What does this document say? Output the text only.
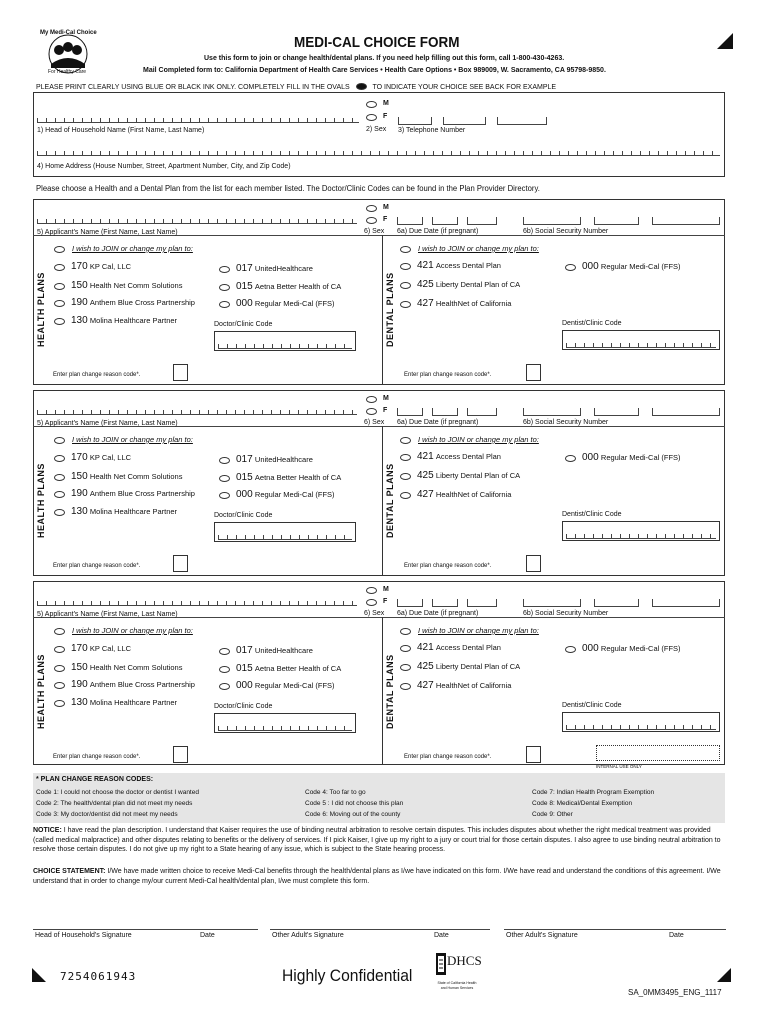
My Medi-Cal Choice
For Healthy Care
MEDI-CAL CHOICE FORM
Use this form to join or change health/dental plans. If you need help filling out this form, call 1-800-430-4263.
Mail Completed form to: California Department of Health Care Services • Health Care Options • Box 989009, W. Sacramento, CA 95798-9850.
PLEASE PRINT CLEARLY USING BLUE OR BLACK INK ONLY. COMPLETELY FILL IN THE OVALS	TO INDICATE YOUR CHOICE SEE BACK FOR EXAMPLE
1) Head of Household Name (First Name, Last Name)
M
F
2) Sex 3) Telephone Number
4) Home Address (House Number, Street, Apartment Number, City, and Zip Code)
Please choose a Health and a Dental Plan from the list for each member listed. The Doctor/Clinic Codes can be found in the Plan Provider Directory.
5) Applicant's Name (First Name, Last Name)
M
F
6) Sex 6a) Due Date (if pregnant)	6b) Social Security Number
HEALTH PLANS	DENTAL PLANS
I wish to JOIN or change my plan to:	I wish to JOIN or change my plan to:
170 KP Cal, LLC
150 Health Net Comm Solutions
190 Anthem Blue Cross Partnership
130 Molina Healthcare Partner
017 UnitedHealthcare
015 Aetna Better Health of CA
000 Regular Medi-Cal (FFS)
421 Access Dental Plan
425 Liberty Dental Plan of CA
427 HealthNet of California
000 Regular Medi-Cal (FFS)
Doctor/Clinic Code	Dentist/Clinic Code
Enter plan change reason code*.	Enter plan change reason code*.
5) Applicant's Name (First Name, Last Name)
M
F
6) Sex 6a) Due Date (if pregnant)	6b) Social Security Number
HEALTH PLANS	DENTAL PLANS
I wish to JOIN or change my plan to:	I wish to JOIN or change my plan to:
170 KP Cal, LLC
150 Health Net Comm Solutions
190 Anthem Blue Cross Partnership
130 Molina Healthcare Partner
017 UnitedHealthcare
015 Aetna Better Health of CA
000 Regular Medi-Cal (FFS)
421 Access Dental Plan
425 Liberty Dental Plan of CA
427 HealthNet of California
000 Regular Medi-Cal (FFS)
Doctor/Clinic Code	Dentist/Clinic Code
Enter plan change reason code*.	Enter plan change reason code*.
5) Applicant's Name (First Name, Last Name)
M
F
6) Sex 6a) Due Date (if pregnant)	6b) Social Security Number
HEALTH PLANS	DENTAL PLANS
I wish to JOIN or change my plan to:	I wish to JOIN or change my plan to:
170 KP Cal, LLC
150 Health Net Comm Solutions
190 Anthem Blue Cross Partnership
130 Molina Healthcare Partner
017 UnitedHealthcare
015 Aetna Better Health of CA
000 Regular Medi-Cal (FFS)
421 Access Dental Plan
425 Liberty Dental Plan of CA
427 HealthNet of California
000 Regular Medi-Cal (FFS)
Doctor/Clinic Code	Dentist/Clinic Code
Enter plan change reason code*.	Enter plan change reason code*.
INTERNAL USE ONLY
* PLAN CHANGE REASON CODES:
Code 1: I could not choose the doctor or dentist I wanted
Code 2: The health/dental plan did not meet my needs
Code 3: My doctor/dentist did not meet my needs
Code 4: Too far to go
Code 5 : I did not choose this plan
Code 6: Moving out of the county
Code 7: Indian Health Program Exemption
Code 8: Medical/Dental Exemption
Code 9: Other
NOTICE: I have read the plan description. I understand that Kaiser requires the use of binding neutral arbitration to resolve certain disputes. This includes disputes about whether the right medical treatment was provided (called medical malpractice) and other disputes relating to benefits or the delivery of services. If I pick Kaiser, I give up my right to a jury or court trial for those certain disputes. I also agree to use binding neutral arbitration to resolve those certain disputes. I do not give up my right to a State hearing of any issue, which is subject to the State hearing process.
CHOICE STATEMENT: I/We have made written choice to receive Medi-Cal benefits through the health/dental plans as I/we have indicated on this form. I/We have read and understand the conditions of this agreement. I/We understand that in order to change my/our current Medi-Cal health/dental plan, I/we must complete this form.
Head of Household's Signature	Date	Other Adult's Signature	Date	Other Adult's Signature	Date
7254061943	Highly Confidential
DHCS
State of California Health and Human Services
SA_0MM3495_ENG_1117
